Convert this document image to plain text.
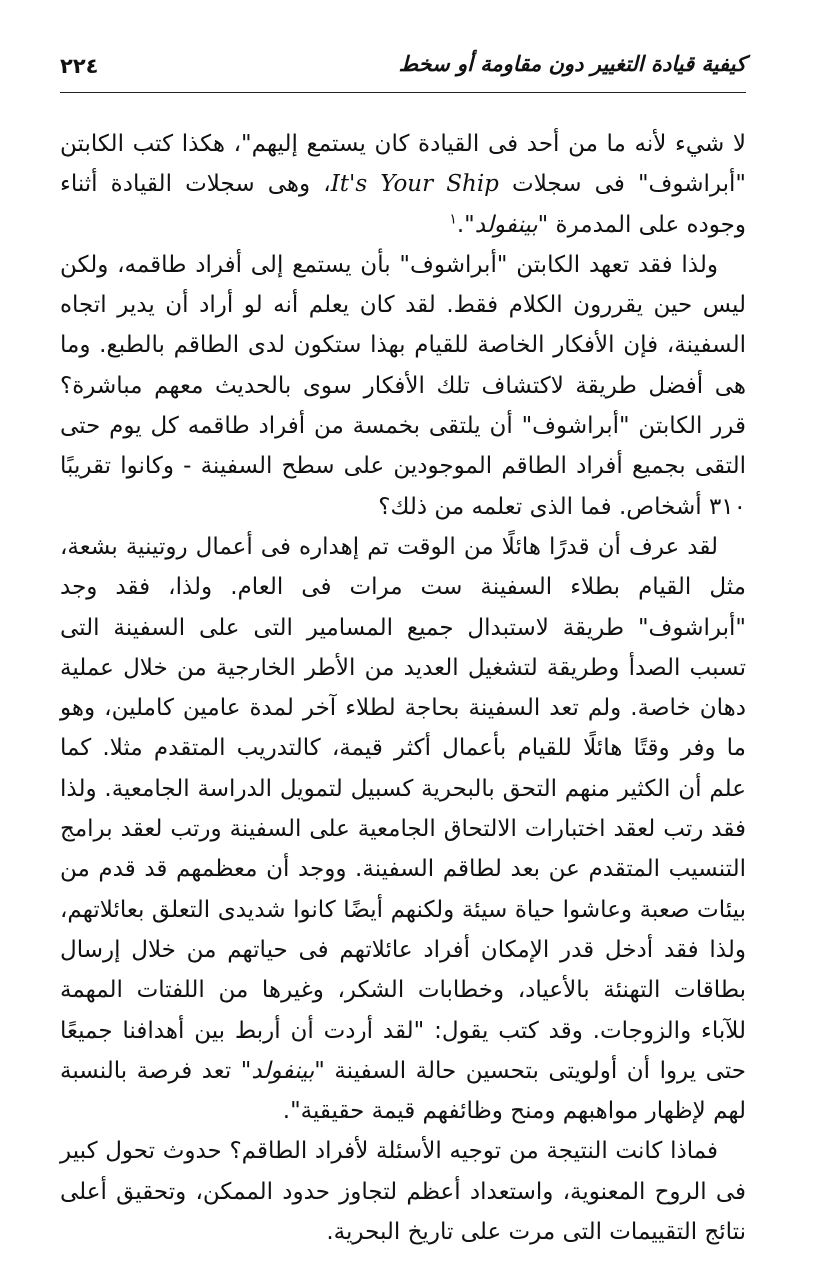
٢٢٤	كيفية قيادة التغيير دون مقاومة أو سخط

لا شيء لأنه ما من أحد فى القيادة كان يستمع إليهم"، هكذا كتب الكابتن "أبراشوف" فى سجلات It's Your Ship، وهى سجلات القيادة أثناء وجوده على المدمرة "بينفولد".$^١$

ولذا فقد تعهد الكابتن "أبراشوف" بأن يستمع إلى أفراد طاقمه، ولكن ليس حين يقررون الكلام فقط. لقد كان يعلم أنه لو أراد أن يدير اتجاه السفينة، فإن الأفكار الخاصة للقيام بهذا ستكون لدى الطاقم بالطبع. وما هى أفضل طريقة لاكتشاف تلك الأفكار سوى بالحديث معهم مباشرة؟ قرر الكابتن "أبراشوف" أن يلتقى بخمسة من أفراد طاقمه كل يوم حتى التقى بجميع أفراد الطاقم الموجودين على سطح السفينة - وكانوا تقريبًا ٣١٠ أشخاص. فما الذى تعلمه من ذلك؟

لقد عرف أن قدرًا هائلًا من الوقت تم إهداره فى أعمال روتينية بشعة، مثل القيام بطلاء السفينة ست مرات فى العام. ولذا، فقد وجد "أبراشوف" طريقة لاستبدال جميع المسامير التى على السفينة التى تسبب الصدأ وطريقة لتشغيل العديد من الأطر الخارجية من خلال عملية دهان خاصة. ولم تعد السفينة بحاجة لطلاء آخر لمدة عامين كاملين، وهو ما وفر وقتًا هائلًا للقيام بأعمال أكثر قيمة، كالتدريب المتقدم مثلا. كما علم أن الكثير منهم التحق بالبحرية كسبيل لتمويل الدراسة الجامعية. ولذا فقد رتب لعقد اختبارات الالتحاق الجامعية على السفينة ورتب لعقد برامج التنسيب المتقدم عن بعد لطاقم السفينة. ووجد أن معظمهم قد قدم من بيئات صعبة وعاشوا حياة سيئة ولكنهم أيضًا كانوا شديدى التعلق بعائلاتهم، ولذا فقد أدخل قدر الإمكان أفراد عائلاتهم فى حياتهم من خلال إرسال بطاقات التهنئة بالأعياد، وخطابات الشكر، وغيرها من اللفتات المهمة للآباء والزوجات. وقد كتب يقول: "لقد أردت أن أربط بين أهدافنا جميعًا حتى يروا أن أولويتى بتحسين حالة السفينة "بينفولد" تعد فرصة بالنسبة لهم لإظهار مواهبهم ومنح وظائفهم قيمة حقيقية".

فماذا كانت النتيجة من توجيه الأسئلة لأفراد الطاقم؟ حدوث تحول كبير فى الروح المعنوية، واستعداد أعظم لتجاوز حدود الممكن، وتحقيق أعلى نتائج التقييمات التى مرت على تاريخ البحرية.
